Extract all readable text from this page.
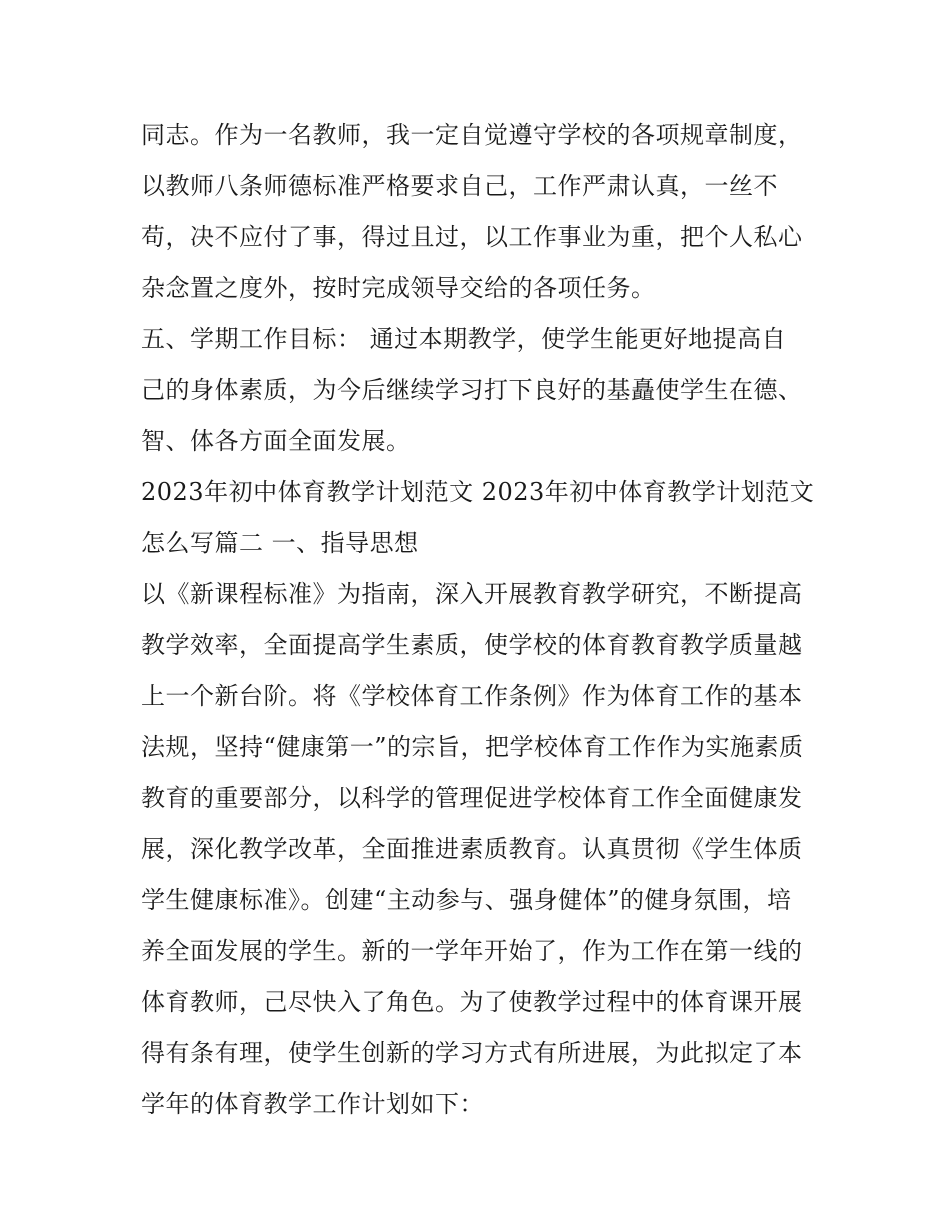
同志。作为一名教师，我一定自觉遵守学校的各项规章制度，
以教师八条师德标准严格要求自己，工作严肃认真，一丝不
苟，决不应付了事，得过且过，以工作事业为重，把个人私心
杂念置之度外，按时完成领导交给的各项任务。
五、学期工作目标： 通过本期教学，使学生能更好地提高自
己的身体素质，为今后继续学习打下良好的基矗使学生在德、
智、体各方面全面发展。
2023年初中体育教学计划范文 2023年初中体育教学计划范文
怎么写篇二 一、指导思想
以《新课程标准》为指南，深入开展教育教学研究，不断提高
教学效率，全面提高学生素质，使学校的体育教育教学质量越
上一个新台阶。将《学校体育工作条例》作为体育工作的基本
法规，坚持“健康第一”的宗旨，把学校体育工作作为实施素质
教育的重要部分，以科学的管理促进学校体育工作全面健康发
展，深化教学改革，全面推进素质教育。认真贯彻《学生体质
学生健康标准》。创建“主动参与、强身健体”的健身氛围，培
养全面发展的学生。新的一学年开始了，作为工作在第一线的
体育教师，己尽快入了角色。为了使教学过程中的体育课开展
得有条有理，使学生创新的学习方式有所进展，为此拟定了本
学年的体育教学工作计划如下：
